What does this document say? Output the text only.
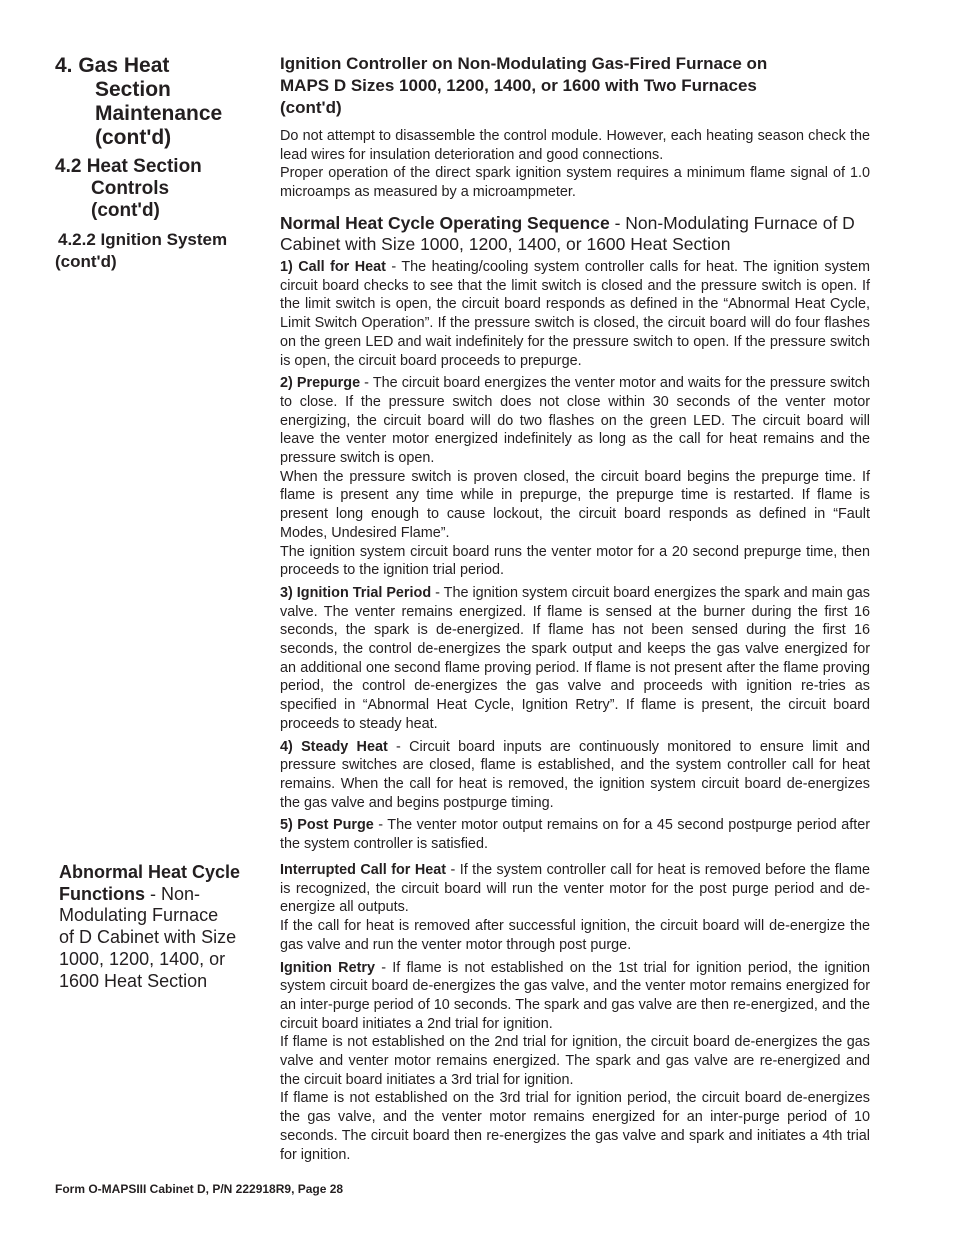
4. Gas Heat
Section
Maintenance
(cont'd)
4.2 Heat Section
Controls
(cont'd)
4.2.2 Ignition System
(cont'd)
Abnormal Heat Cycle
Functions - Non-
Modulating Furnace
of D Cabinet with Size
1000, 1200, 1400, or
1600 Heat Section
Ignition Controller on Non-Modulating Gas-Fired Furnace on
MAPS D Sizes 1000, 1200, 1400, or 1600 with Two Furnaces
(cont'd)

Do not attempt to disassemble the control module. However, each heating season check the lead wires for insulation deterioration and good connections.

Proper operation of the direct spark ignition system requires a minimum flame signal of 1.0 microamps as measured by a microampmeter.

Normal Heat Cycle Operating Sequence - Non-Modulating Furnace of D Cabinet with Size 1000, 1200, 1400, or 1600 Heat Section

1) Call for Heat - The heating/cooling system controller calls for heat. The ignition system circuit board checks to see that the limit switch is closed and the pressure switch is open. If the limit switch is open, the circuit board responds as defined in the “Abnormal Heat Cycle, Limit Switch Operation”. If the pressure switch is closed, the circuit board will do four flashes on the green LED and wait indefinitely for the pressure switch to open. If the pressure switch is open, the circuit board proceeds to prepurge.

2) Prepurge - The circuit board energizes the venter motor and waits for the pressure switch to close. If the pressure switch does not close within 30 seconds of the venter motor energizing, the circuit board will do two flashes on the green LED. The circuit board will leave the venter motor energized indefinitely as long as the call for heat remains and the pressure switch is open.

When the pressure switch is proven closed, the circuit board begins the prepurge time. If flame is present any time while in prepurge, the prepurge time is restarted. If flame is present long enough to cause lockout, the circuit board responds as defined in “Fault Modes, Undesired Flame”.

The ignition system circuit board runs the venter motor for a 20 second prepurge time, then proceeds to the ignition trial period.

3) Ignition Trial Period - The ignition system circuit board energizes the spark and main gas valve. The venter remains energized. If flame is sensed at the burner during the first 16 seconds, the spark is de-energized. If flame has not been sensed during the first 16 seconds, the control de-energizes the spark output and keeps the gas valve energized for an additional one second flame proving period. If flame is not present after the flame proving period, the control de-energizes the gas valve and proceeds with ignition re-tries as specified in “Abnormal Heat Cycle, Ignition Retry”. If flame is present, the circuit board proceeds to steady heat.

4) Steady Heat - Circuit board inputs are continuously monitored to ensure limit and pressure switches are closed, flame is established, and the system controller call for heat remains. When the call for heat is removed, the ignition system circuit board de-energizes the gas valve and begins postpurge timing.

5) Post Purge - The venter motor output remains on for a 45 second postpurge period after the system controller is satisfied.

Interrupted Call for Heat - If the system controller call for heat is removed before the flame is recognized, the circuit board will run the venter motor for the post purge period and de-energize all outputs.

If the call for heat is removed after successful ignition, the circuit board will de-energize the gas valve and run the venter motor through post purge.

Ignition Retry - If flame is not established on the 1st trial for ignition period, the ignition system circuit board de-energizes the gas valve, and the venter motor remains energized for an inter-purge period of 10 seconds. The spark and gas valve are then re-energized, and the circuit board initiates a 2nd trial for ignition.

If flame is not established on the 2nd trial for ignition, the circuit board de-energizes the gas valve and venter motor remains energized. The spark and gas valve are re-energized and the circuit board initiates a 3rd trial for ignition.

If flame is not established on the 3rd trial for ignition period, the circuit board de-energizes the gas valve, and the venter motor remains energized for an inter-purge period of 10 seconds. The circuit board then re-energizes the gas valve and spark and initiates a 4th trial for ignition.

Form O-MAPSIII Cabinet D, P/N 222918R9, Page 28
